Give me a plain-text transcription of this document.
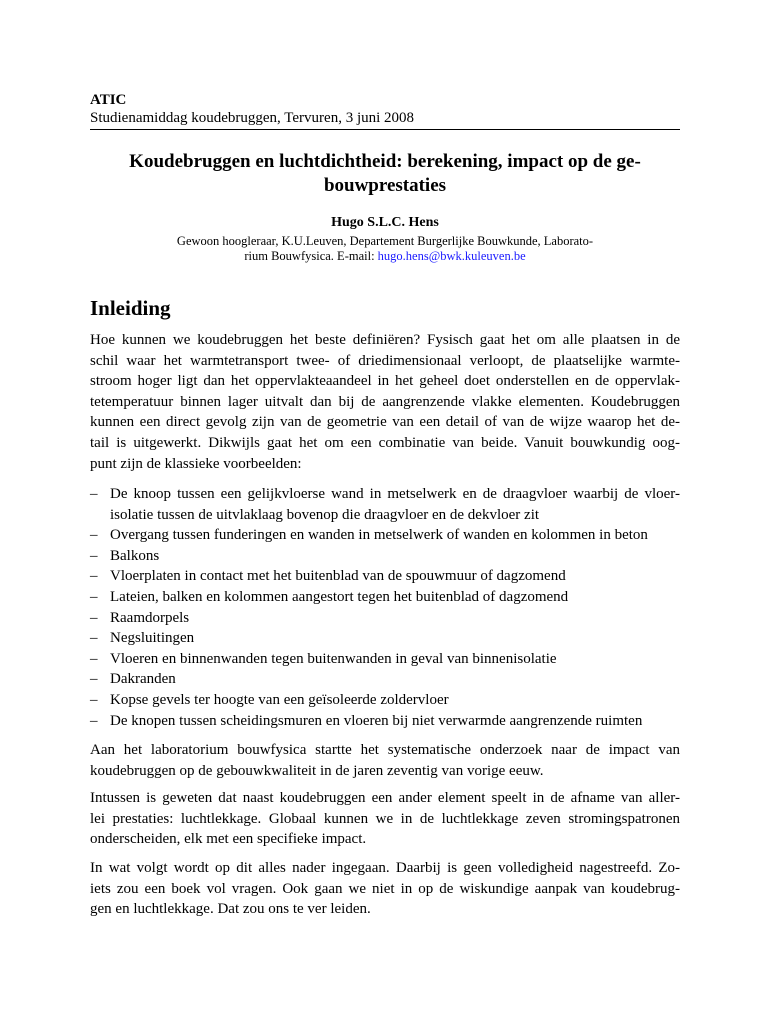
ATIC
Studienamiddag koudebruggen, Tervuren, 3 juni 2008
Koudebruggen en luchtdichtheid: berekening, impact op de ge-
bouwprestaties
Hugo S.L.C. Hens
Gewoon hoogleraar, K.U.Leuven, Departement Burgerlijke Bouwkunde, Laborato-
rium Bouwfysica. E-mail: hugo.hens@bwk.kuleuven.be
Inleiding
Hoe kunnen we koudebruggen het beste definiëren? Fysisch gaat het om alle plaatsen in de
schil waar het warmtetransport twee- of driedimensionaal verloopt, de plaatselijke warmte-
stroom hoger ligt dan het oppervlakteaandeel in het geheel doet onderstellen en de oppervlak-
tetemperatuur binnen lager uitvalt dan bij de aangrenzende vlakke elementen. Koudebruggen
kunnen een direct gevolg zijn van de geometrie van een detail of van de wijze waarop het de-
tail is uitgewerkt. Dikwijls gaat het om een combinatie van beide. Vanuit bouwkundig oog-
punt zijn de klassieke voorbeelden:
– De knoop tussen een gelijkvloerse wand in metselwerk en de draagvloer waarbij de vloer-
isolatie tussen de uitvlaklaag bovenop die draagvloer en de dekvloer zit
– Overgang tussen funderingen en wanden in metselwerk of wanden en kolommen in beton
– Balkons
– Vloerplaten in contact met het buitenblad van de spouwmuur of dagzomend
– Lateien, balken en kolommen aangestort tegen het buitenblad of dagzomend
– Raamdorpels
– Negsluitingen
– Vloeren en binnenwanden tegen buitenwanden in geval van binnenisolatie
– Dakranden
– Kopse gevels ter hoogte van een geïsoleerde zoldervloer
– De knopen tussen scheidingsmuren en vloeren bij niet verwarmde aangrenzende ruimten
Aan het laboratorium bouwfysica startte het systematische onderzoek naar de impact van
koudebruggen op de gebouwkwaliteit in de jaren zeventig van vorige eeuw.
Intussen is geweten dat naast koudebruggen een ander element speelt in de afname van aller-
lei prestaties: luchtlekkage. Globaal kunnen we in de luchtlekkage zeven stromingspatronen
onderscheiden, elk met een specifieke impact.
In wat volgt wordt op dit alles nader ingegaan. Daarbij is geen volledigheid nagestreefd. Zo-
iets zou een boek vol vragen. Ook gaan we niet in op de wiskundige aanpak van koudebrug-
gen en luchtlekkage. Dat zou ons te ver leiden.
